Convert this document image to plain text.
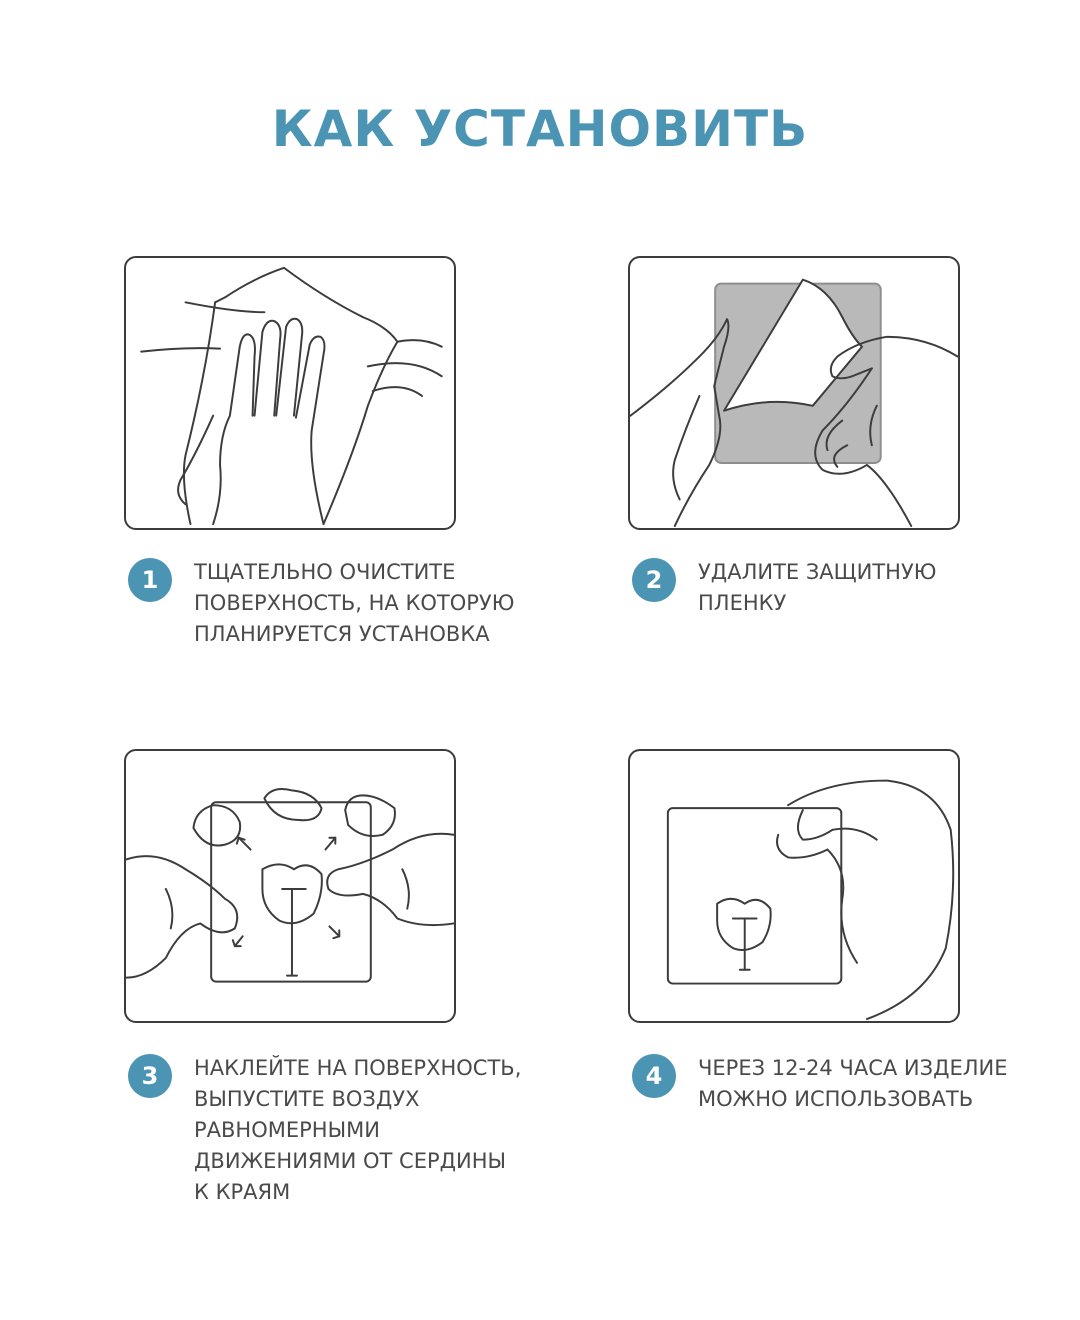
КАК УСТАНОВИТЬ
1	ТЩАТЕЛЬНО ОЧИСТИТЕ
ПОВЕРХНОСТЬ, НА КОТОРУЮ
ПЛАНИРУЕТСЯ УСТАНОВКА
2	УДАЛИТЕ ЗАЩИТНУЮ
ПЛЕНКУ
3	НАКЛЕЙТЕ НА ПОВЕРХНОСТЬ,
ВЫПУСТИТЕ ВОЗДУХ
РАВНОМЕРНЫМИ
ДВИЖЕНИЯМИ ОТ СЕРДИНЫ
К КРАЯМ
4	ЧЕРЕЗ 12-24 ЧАСА ИЗДЕЛИЕ
МОЖНО ИСПОЛЬЗОВАТЬ
